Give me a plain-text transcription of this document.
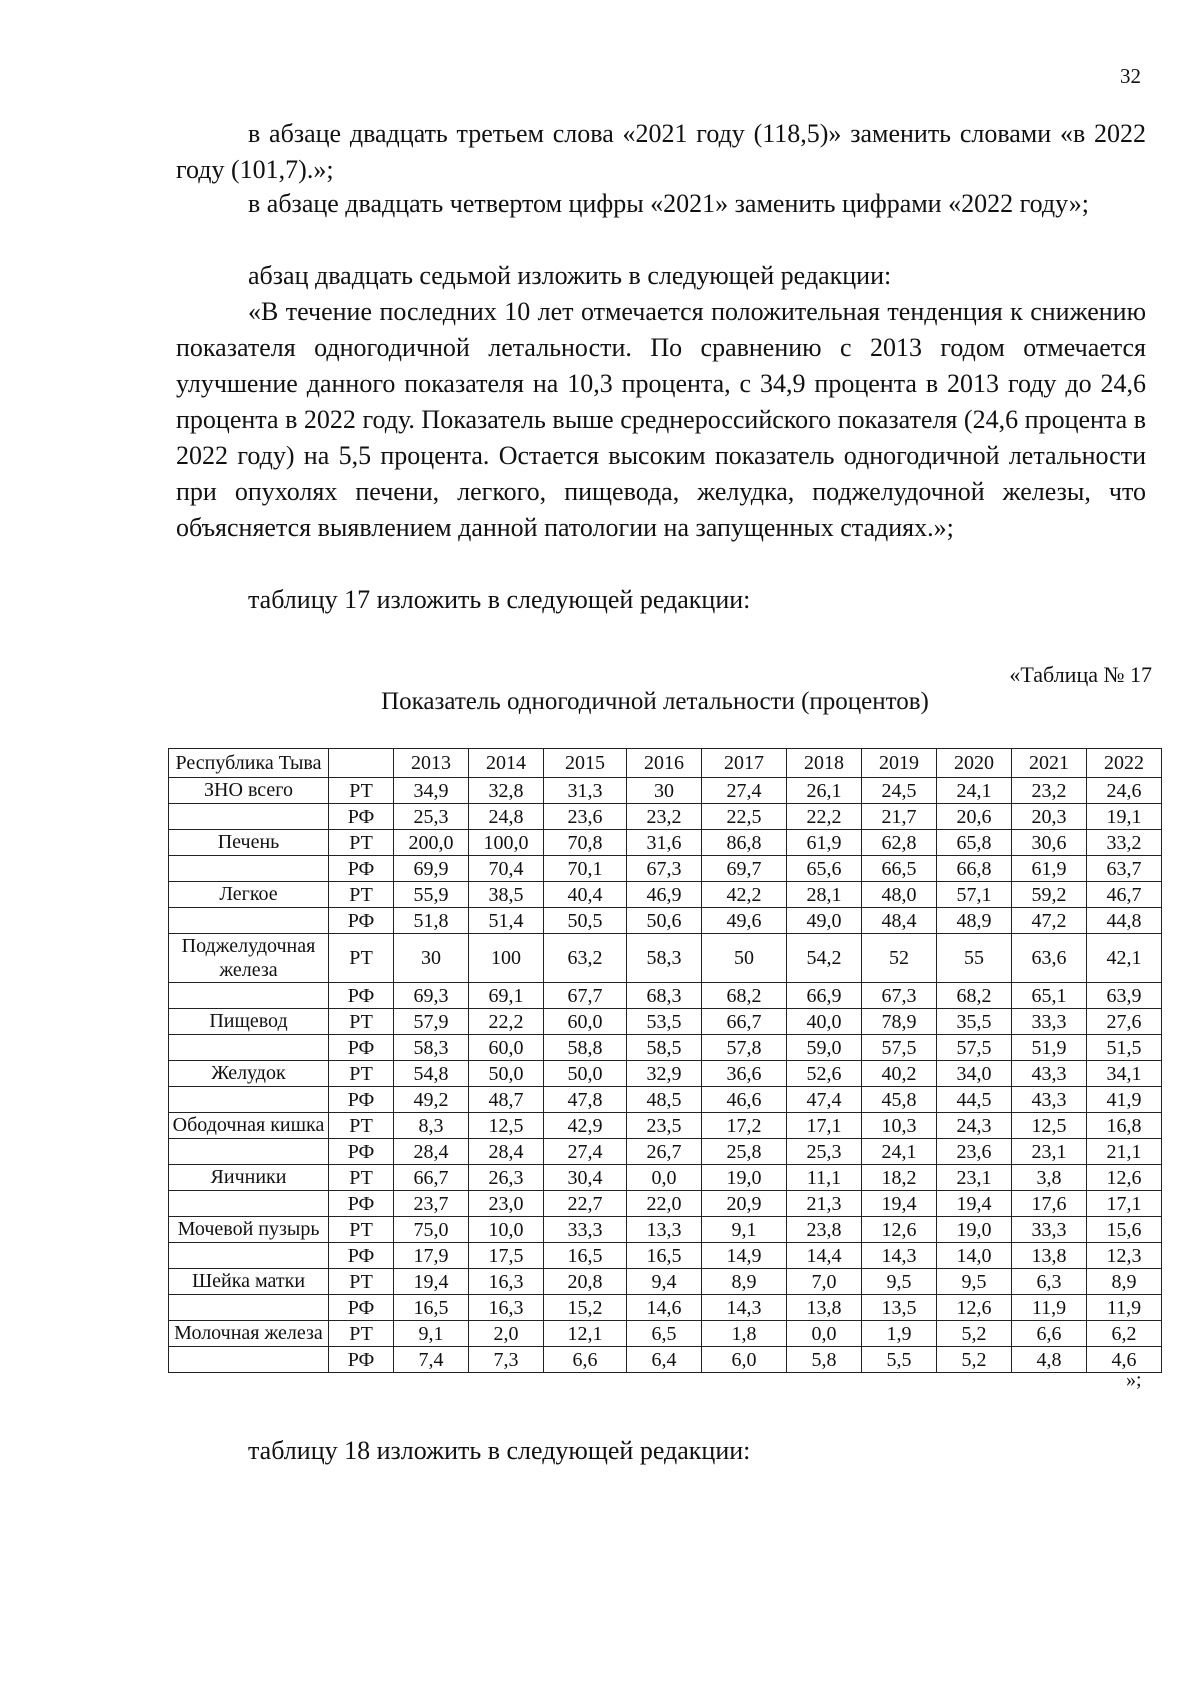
32

в абзаце двадцать третьем слова «2021 году (118,5)» заменить словами «в 2022 году (101,7).»;

в абзаце двадцать четвертом цифры «2021» заменить цифрами «2022 году»;

абзац двадцать седьмой изложить в следующей редакции:

«В течение последних 10 лет отмечается положительная тенденция к снижению показателя одногодичной летальности. По сравнению с 2013 годом отмечается улучшение данного показателя на 10,3 процента, с 34,9 процента в 2013 году до 24,6 процента в 2022 году. Показатель выше среднероссийского показателя (24,6 процента в 2022 году) на 5,5 процента. Остается высоким показатель одногодичной летальности при опухолях печени, легкого, пищевода, желудка, поджелудочной железы, что объясняется выявлением данной патологии на запущенных стадиях.»;

таблицу 17 изложить в следующей редакции:

«Таблица № 17
Показатель одногодичной летальности (процентов)
Республика Тыва		2013	2014	2015	2016	2017	2018	2019	2020	2021	2022
ЗНО всего	РТ	34,9	32,8	31,3	30	27,4	26,1	24,5	24,1	23,2	24,6
	РФ	25,3	24,8	23,6	23,2	22,5	22,2	21,7	20,6	20,3	19,1
Печень	РТ	200,0	100,0	70,8	31,6	86,8	61,9	62,8	65,8	30,6	33,2
	РФ	69,9	70,4	70,1	67,3	69,7	65,6	66,5	66,8	61,9	63,7
Легкое	РТ	55,9	38,5	40,4	46,9	42,2	28,1	48,0	57,1	59,2	46,7
	РФ	51,8	51,4	50,5	50,6	49,6	49,0	48,4	48,9	47,2	44,8
Поджелудочная железа	РТ	30	100	63,2	58,3	50	54,2	52	55	63,6	42,1
	РФ	69,3	69,1	67,7	68,3	68,2	66,9	67,3	68,2	65,1	63,9
Пищевод	РТ	57,9	22,2	60,0	53,5	66,7	40,0	78,9	35,5	33,3	27,6
	РФ	58,3	60,0	58,8	58,5	57,8	59,0	57,5	57,5	51,9	51,5
Желудок	РТ	54,8	50,0	50,0	32,9	36,6	52,6	40,2	34,0	43,3	34,1
	РФ	49,2	48,7	47,8	48,5	46,6	47,4	45,8	44,5	43,3	41,9
Ободочная кишка	РТ	8,3	12,5	42,9	23,5	17,2	17,1	10,3	24,3	12,5	16,8
	РФ	28,4	28,4	27,4	26,7	25,8	25,3	24,1	23,6	23,1	21,1
Яичники	РТ	66,7	26,3	30,4	0,0	19,0	11,1	18,2	23,1	3,8	12,6
	РФ	23,7	23,0	22,7	22,0	20,9	21,3	19,4	19,4	17,6	17,1
Мочевой пузырь	РТ	75,0	10,0	33,3	13,3	9,1	23,8	12,6	19,0	33,3	15,6
	РФ	17,9	17,5	16,5	16,5	14,9	14,4	14,3	14,0	13,8	12,3
Шейка матки	РТ	19,4	16,3	20,8	9,4	8,9	7,0	9,5	9,5	6,3	8,9
	РФ	16,5	16,3	15,2	14,6	14,3	13,8	13,5	12,6	11,9	11,9
Молочная железа	РТ	9,1	2,0	12,1	6,5	1,8	0,0	1,9	5,2	6,6	6,2
	РФ	7,4	7,3	6,6	6,4	6,0	5,8	5,5	5,2	4,8	4,6
»;
таблицу 18 изложить в следующей редакции:
